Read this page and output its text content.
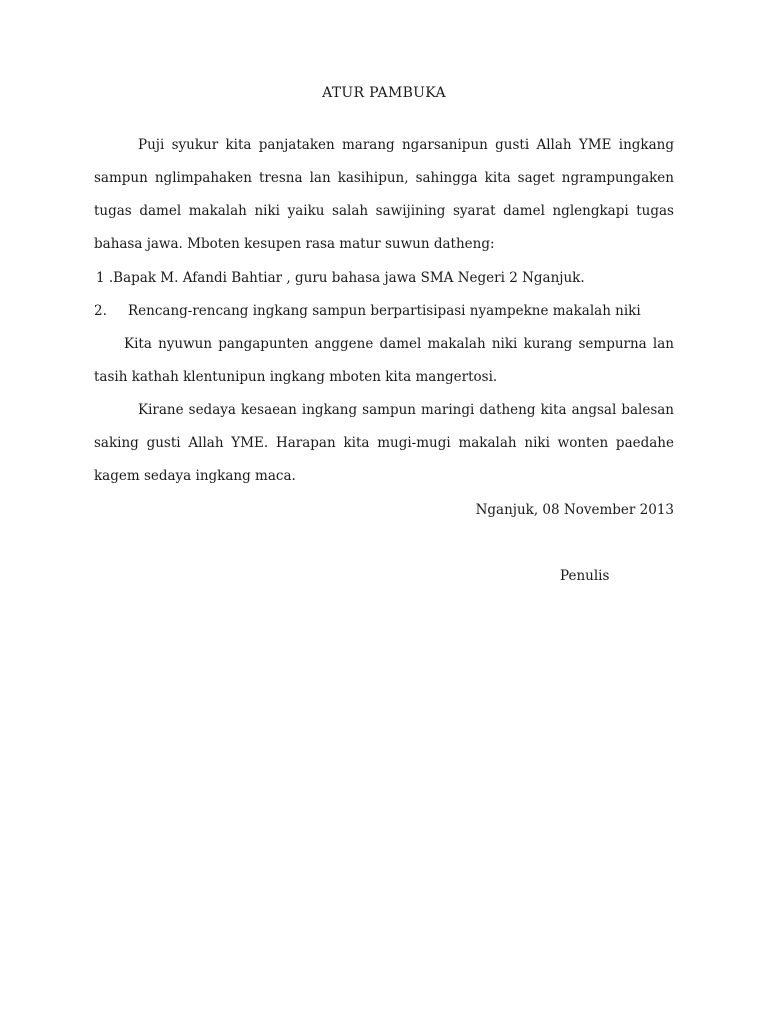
ATUR PAMBUKA

Puji syukur kita panjataken marang ngarsanipun gusti Allah YME ingkang sampun nglimpahaken tresna lan kasihipun, sahingga kita saget ngrampungaken tugas damel makalah niki yaiku salah sawijining syarat damel nglengkapi tugas bahasa jawa. Mboten kesupen rasa matur suwun datheng:

1 .Bapak M. Afandi Bahtiar , guru bahasa jawa SMA Negeri 2 Nganjuk.

2. Rencang-rencang ingkang sampun berpartisipasi nyampekne makalah niki

Kita nyuwun pangapunten anggene damel makalah niki kurang sempurna lan tasih kathah klentunipun ingkang mboten kita mangertosi.

Kirane sedaya kesaean ingkang sampun maringi datheng kita angsal balesan saking gusti Allah YME. Harapan kita mugi-mugi makalah niki wonten paedahe kagem sedaya ingkang maca.

Nganjuk, 08 November 2013
Penulis
